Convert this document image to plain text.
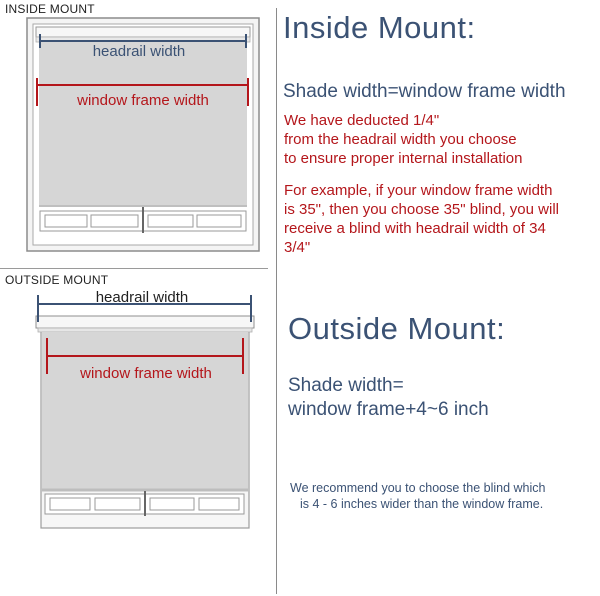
INSIDE MOUNT
OUTSIDE MOUNT
headrail width
window frame width
headrail width
window frame width
Inside Mount:
Shade width=window frame width
We have deducted 1/4"
from the headrail width you choose
to ensure proper internal installation
For example, if your window frame width
is 35", then you choose 35" blind, you will
receive a blind with headrail width of 34
3/4"
Outside Mount:
Shade width=
window frame+4~6 inch
We recommend you to choose the blind which
is 4 - 6 inches wider than the window frame.
